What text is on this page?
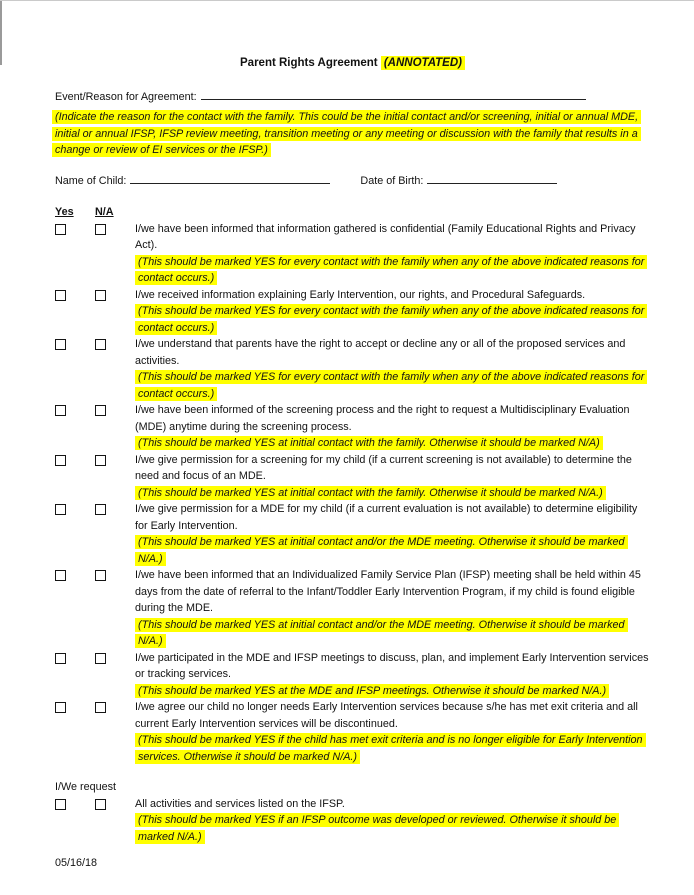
Parent Rights Agreement (ANNOTATED)
Event/Reason for Agreement:
(Indicate the reason for the contact with the family. This could be the initial contact and/or screening, initial or annual MDE, initial or annual IFSP, IFSP review meeting, transition meeting or any meeting or discussion with the family that results in a change or review of EI services or the IFSP.)
Name of Child:	Date of Birth:
Yes N/A
I/we have been informed that information gathered is confidential (Family Educational Rights and Privacy Act).
(This should be marked YES for every contact with the family when any of the above indicated reasons for contact occurs.)
I/we received information explaining Early Intervention, our rights, and Procedural Safeguards.
(This should be marked YES for every contact with the family when any of the above indicated reasons for contact occurs.)
I/we understand that parents have the right to accept or decline any or all of the proposed services and activities.
(This should be marked YES for every contact with the family when any of the above indicated reasons for contact occurs.)
I/we have been informed of the screening process and the right to request a Multidisciplinary Evaluation (MDE) anytime during the screening process.
(This should be marked YES at initial contact with the family. Otherwise it should be marked N/A)
I/we give permission for a screening for my child (if a current screening is not available) to determine the need and focus of an MDE.
(This should be marked YES at initial contact with the family. Otherwise it should be marked N/A.)
I/we give permission for a MDE for my child (if a current evaluation is not available) to determine eligibility for Early Intervention.
(This should be marked YES at initial contact and/or the MDE meeting. Otherwise it should be marked N/A.)
I/we have been informed that an Individualized Family Service Plan (IFSP) meeting shall be held within 45 days from the date of referral to the Infant/Toddler Early Intervention Program, if my child is found eligible during the MDE.
(This should be marked YES at initial contact and/or the MDE meeting. Otherwise it should be marked N/A.)
I/we participated in the MDE and IFSP meetings to discuss, plan, and implement Early Intervention services or tracking services.
(This should be marked YES at the MDE and IFSP meetings. Otherwise it should be marked N/A.)
I/we agree our child no longer needs Early Intervention services because s/he has met exit criteria and all current Early Intervention services will be discontinued.
(This should be marked YES if the child has met exit criteria and is no longer eligible for Early Intervention services. Otherwise it should be marked N/A.)
I/We request
All activities and services listed on the IFSP.
(This should be marked YES if an IFSP outcome was developed or reviewed. Otherwise it should be marked N/A.)
05/16/18
